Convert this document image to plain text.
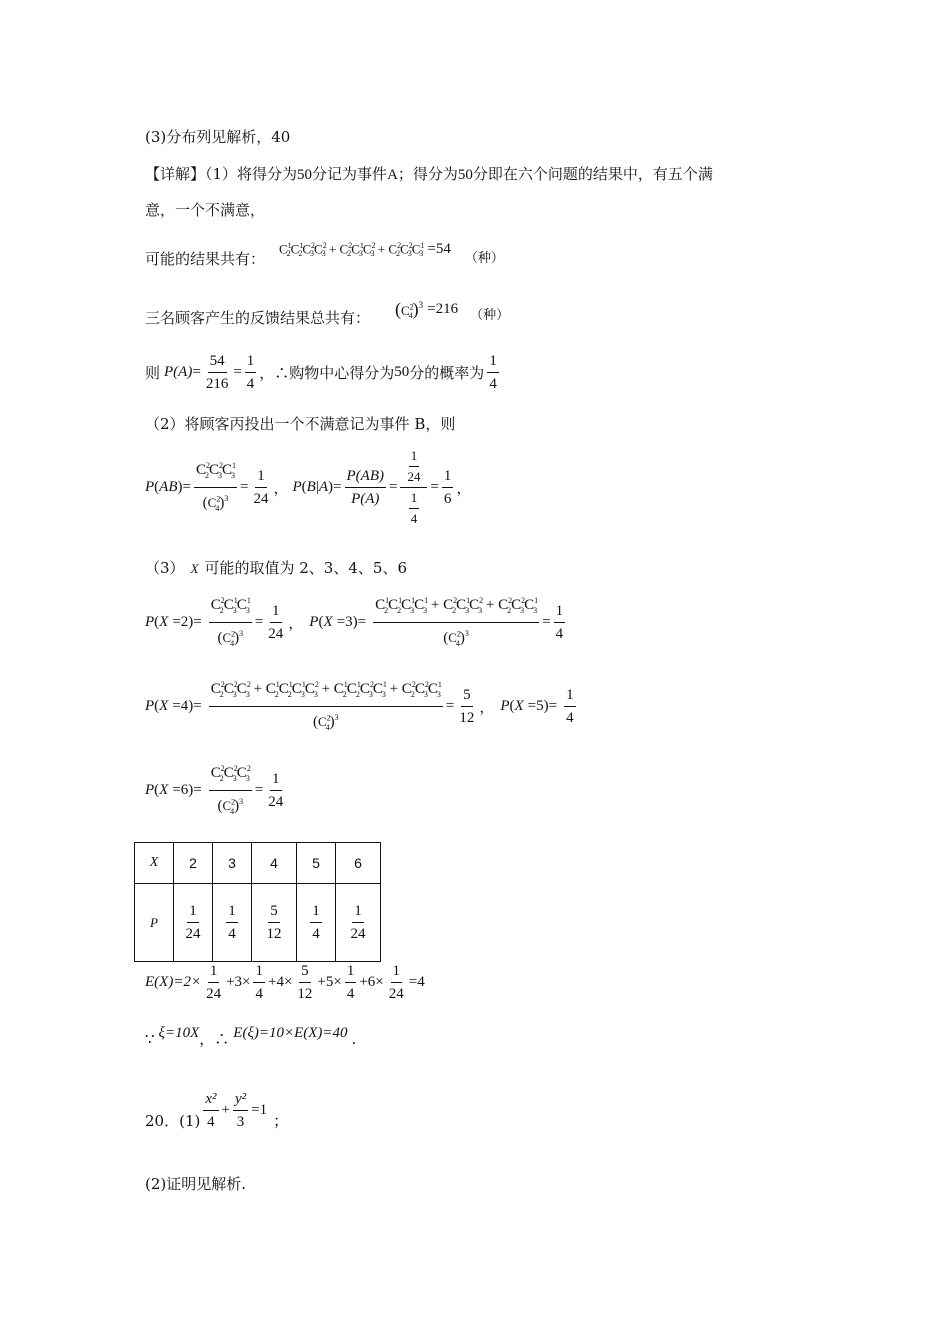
(3)分布列见解析，40
【详解】（1）将得分为50分记为事件A；得分为50分即在六个问题的结果中，有五个满
意，一个不满意，
可能的结果共有：
$C^1_2C^1_2C^2_3C^2_3 + C^2_2C^1_3C^2_3 + C^2_2C^2_3C^1_3 =54$
（种）
三名顾客产生的反馈结果总共有： $(C^2_4)^3 =216$ （种）
则 $P(A) = \frac{54}{216} = \frac{1}{4}$ ，∴购物中心得分为 50 分的概率为 $\frac{1}{4}$
（2）将顾客丙投出一个不满意记为事件 B，则
P ( AB )= $\frac{C^2_2C^2_3C^1_3}{(C^2_4)^3} = \frac{1}{24}$ ， P ( B | A )= $\frac{P(AB)}{P(A)} = \frac{\frac{1}{24}}{\frac{1}{4}} = \frac{1}{6}$ ，
（3） X 可能的取值为 2、3、4、5、6
P ( $X =2)= \frac{C^2_2C^1_3C^1_3}{(C^2_4)^3} = \frac{1}{24}$ ， P ( $X =3)= \frac{C^1_2C^1_2C^1_3C^1_3 + C^2_2C^1_3C^2_3 + C^2_2C^2_3C^1_3}{(C^2_4)^3} = \frac{1}{4}$
P ( $X =4)= \frac{C^2_2C^2_3C^2_3 + C^1_2C^1_2C^1_3C^2_3 + C^1_2C^1_2C^2_3C^1_3 + C^2_2C^2_3C^1_3}{(C^2_4)^3} = \frac{5}{12}$ ， P ( $X =5)= \frac{1}{4}$
P ( $X =6)= \frac{C^2_2C^2_3C^2_3}{(C^2_4)^3} = \frac{1}{24}$
X	2	3	4	5	6
P	$\frac{1}{24}$	$\frac{1}{4}$	$\frac{5}{12}$	$\frac{1}{4}$	$\frac{1}{24}$
$E(X)=2\times \frac{1}{24} +3\times \frac{1}{4} +4\times \frac{5}{12} +5\times \frac{1}{4} +6\times \frac{1}{24} =4$
∵ ξ=10X ，∴ E(ξ)=10×E(X)=40 .
20．$(1) \frac{\text{x²}}{4} + \frac{\text{y²}}{3} =1$
；
(2)证明见解析.
